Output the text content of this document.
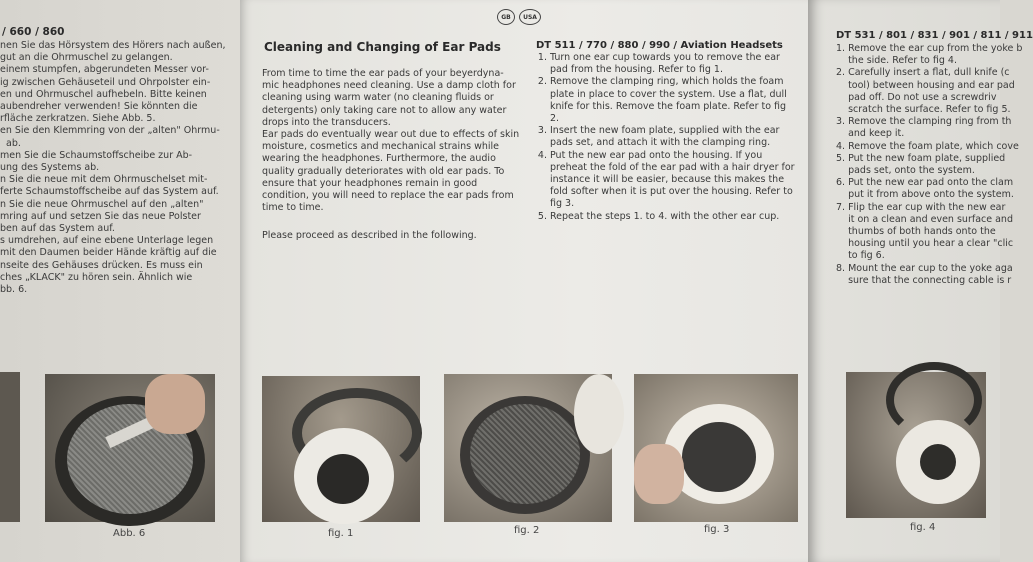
/ 660 / 860
nen Sie das Hörsystem des Hörers nach außen,
gut an die Ohrmuschel zu gelangen.
einem stumpfen, abgerundeten Messer vor-
ig zwischen Gehäuseteil und Ohrpolster ein-
en und Ohrmuschel aufhebeln. Bitte keinen
aubendreher verwenden! Sie könnten die
rfläche zerkratzen. Siehe Abb. 5.
en Sie den Klemmring von der „alten" Ohrmu-
ab.
men Sie die Schaumstoffscheibe zur Ab-
ung des Systems ab.
n Sie die neue mit dem Ohrmuschelset mit-
ferte Schaumstoffscheibe auf das System auf.
n Sie die neue Ohrmuschel auf den „alten"
mring auf und setzen Sie das neue Polster
ben auf das System auf.
s umdrehen, auf eine ebene Unterlage legen
mit den Daumen beider Hände kräftig auf die
nseite des Gehäuses drücken. Es muss ein
ches „KLACK" zu hören sein. Ähnlich wie
bb. 6.
Abb. 6
Cleaning and Changing of Ear Pads
From time to time the ear pads of your beyerdyna-
mic headphones need cleaning. Use a damp cloth for
cleaning using warm water (no cleaning fluids or
detergents) only taking care not to allow any water
drops into the transducers.
Ear pads do eventually wear out due to effects of skin
moisture, cosmetics and mechanical strains while
wearing the headphones. Furthermore, the audio
quality gradually deteriorates with old ear pads. To
ensure that your headphones remain in good
condition, you will need to replace the ear pads from
time to time.
Please proceed as described in the following.
DT 511 / 770 / 880 / 990 / Aviation Headsets
1. Turn one ear cup towards you to remove the ear pad from the housing. Refer to fig 1.
2. Remove the clamping ring, which holds the foam plate in place to cover the system. Use a flat, dull knife for this. Remove the foam plate. Refer to fig 2.
3. Insert the new foam plate, supplied with the ear pads set, and attach it with the clamping ring.
4. Put the new ear pad onto the housing. If you preheat the fold of the ear pad with a hair dryer for instance it will be easier, because this makes the fold softer when it is put over the housing. Refer to fig 3.
5. Repeat the steps 1. to 4. with the other ear cup.
fig. 1	fig. 2	fig. 3
DT 531 / 801 / 831 / 901 / 811 / 911
1. Remove the ear cup from the yoke b
the side. Refer to fig 4.
2. Carefully insert a flat, dull knife (c
tool) between housing and ear pad
pad off. Do not use a screwdriv
scratch the surface. Refer to fig 5.
3. Remove the clamping ring from th
and keep it.
4. Remove the foam plate, which cove
5. Put the new foam plate, supplied
pads set, onto the system.
6. Put the new ear pad onto the clam
put it from above onto the system.
7. Flip the ear cup with the new ear
it on a clean and even surface and
thumbs of both hands onto the
housing until you hear a clear "clic
to fig 6.
8. Mount the ear cup to the yoke aga
sure that the connecting cable is r
fig. 4
GB	USA
